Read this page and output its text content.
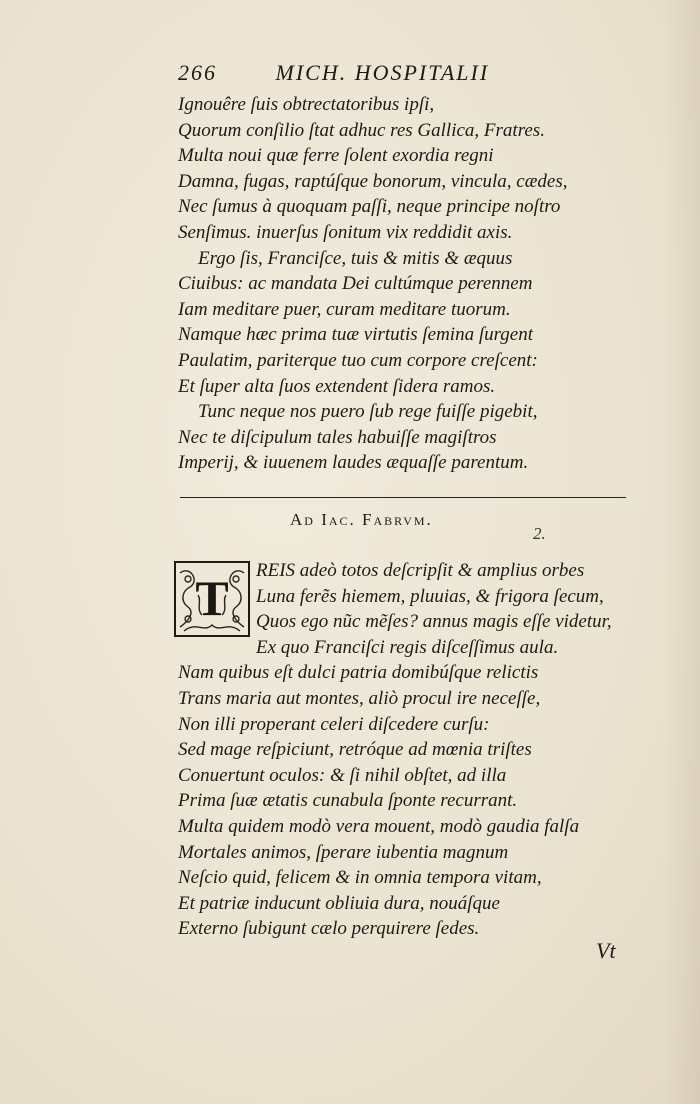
266	MICH. HOSPITALII
Ignouêre ſuis obtrectatoribus ipſi,
Quorum conſilio ſtat adhuc res Gallica, Fratres.
Multa noui quæ ferre ſolent exordia regni
Damna, fugas, raptúſque bonorum, vincula, cædes,
Nec ſumus à quoquam paſſi, neque principe noſtro
Senſimus. inuerſus ſonitum vix reddidit axis.
Ergo ſis, Franciſce, tuis & mitis & æquus
Ciuibus: ac mandata Dei cultúmque perennem
Iam meditare puer, curam meditare tuorum.
Namque hæc prima tuæ virtutis ſemina ſurgent
Paulatim, pariterque tuo cum corpore creſcent:
Et ſuper alta ſuos extendent ſidera ramos.
Tunc neque nos puero ſub rege fuiſſe pigebit,
Nec te diſcipulum tales habuiſſe magiſtros
Imperij, & iuuenem laudes æquaſſe parentum.
Ad Iac. Fabrvm.
2.
T	REIS adeò totos deſcripſit & amplius orbes
Luna ferẽs hiemem, pluuias, & frigora ſecum,
Quos ego nũc mẽſes? annus magis eſſe videtur,
Ex quo Franciſci regis diſceſſimus aula.
Nam quibus eſt dulci patria domibúſque relictis
Trans maria aut montes, aliò procul ire neceſſe,
Non illi properant celeri diſcedere curſu:
Sed mage reſpiciunt, retróque ad mœnia triſtes
Conuertunt oculos: & ſi nihil obſtet, ad illa
Prima ſuæ ætatis cunabula ſponte recurrant.
Multa quidem modò vera mouent, modò gaudia falſa
Mortales animos, ſperare iubentia magnum
Neſcio quid, felicem & in omnia tempora vitam,
Et patriæ inducunt obliuia dura, nouáſque
Externo ſubigunt cælo perquirere ſedes.
Vt
